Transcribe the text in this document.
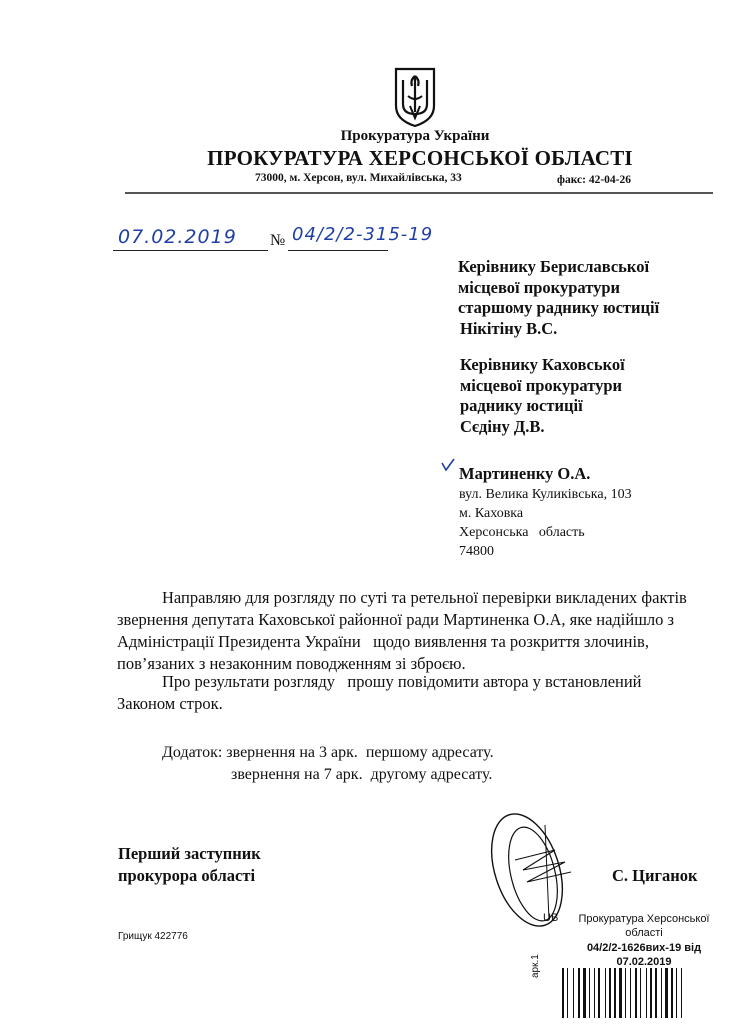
Прокуратура України
ПРОКУРАТУРА ХЕРСОНСЬКОЇ ОБЛАСТІ
73000, м. Херсон, вул. Михайлівська, 33	факс: 42-04-26
07.02.2019 № 04/2/2-315-19
Керівнику Бериславської
місцевої прокуратури
старшому раднику юстиції
Нікітіну В.С.
Керівнику Каховської
місцевої прокуратури
раднику юстиції
Сєдіну Д.В.
Мартиненку О.А.
вул. Велика Куликівська, 103
м. Каховка
Херсонська   область
74800
Направляю для розгляду по суті та ретельної перевірки викладених фактів
звернення депутата Каховської районної ради Мартиненка О.А, яке надійшло з
Адміністрації Президента України   щодо виявлення та розкриття злочинів,
пов’язаних з незаконним поводженням зі зброєю.
Про результати розгляду   прошу повідомити автора у встановлений
Законом строк.
Додаток: звернення на 3 арк.  першому адресату.
звернення на 7 арк.  другому адресату.
Перший заступник
прокурора області
UB
С. Циганок
Грищук 422776
Прокуратура Херсонської
області
04/2/2-1626вих-19 від
07.02.2019
арк.1
